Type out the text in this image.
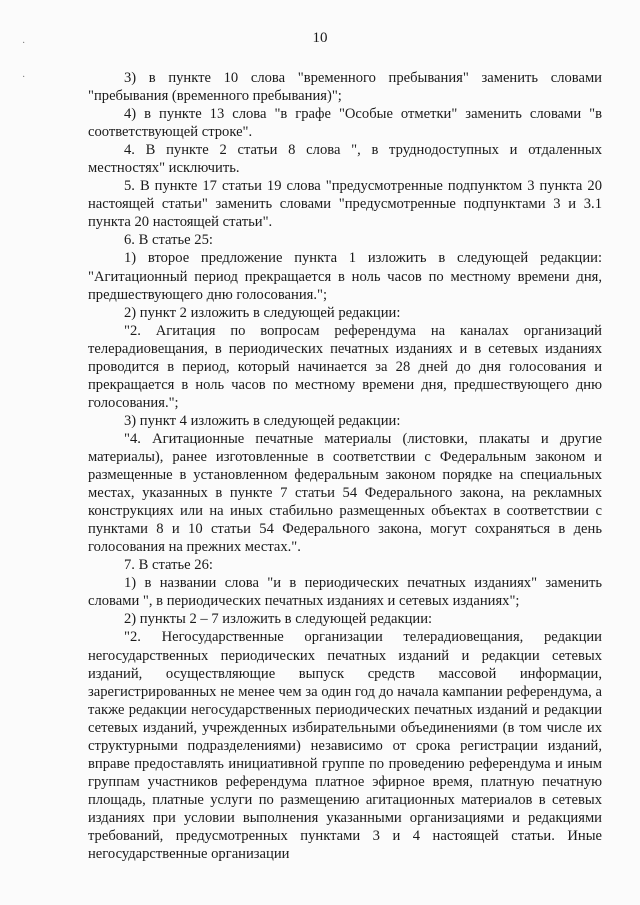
·
·
10

3) в пункте 10 слова "временного пребывания" заменить словами "пребывания (временного пребывания)";

4) в пункте 13 слова "в графе "Особые отметки" заменить словами "в соответствующей строке".

4. В пункте 2 статьи 8 слова ", в труднодоступных и отдаленных местностях" исключить.

5. В пункте 17 статьи 19 слова "предусмотренные подпунктом 3 пункта 20 настоящей статьи" заменить словами "предусмотренные подпунктами 3 и 3.1 пункта 20 настоящей статьи".

6. В статье 25:

1) второе предложение пункта 1 изложить в следующей редакции: "Агитационный период прекращается в ноль часов по местному времени дня, предшествующего дню голосования.";

2) пункт 2 изложить в следующей редакции:

"2. Агитация по вопросам референдума на каналах организаций телерадиовещания, в периодических печатных изданиях и в сетевых изданиях проводится в период, который начинается за 28 дней до дня голосования и прекращается в ноль часов по местному времени дня, предшествующего дню голосования.";

3) пункт 4 изложить в следующей редакции:

"4. Агитационные печатные материалы (листовки, плакаты и другие материалы), ранее изготовленные в соответствии с Федеральным законом и размещенные в установленном федеральным законом порядке на специальных местах, указанных в пункте 7 статьи 54 Федерального закона, на рекламных конструкциях или на иных стабильно размещенных объектах в соответствии с пунктами 8 и 10 статьи 54 Федерального закона, могут сохраняться в день голосования на прежних местах.".

7. В статье 26:

1) в названии слова "и в периодических печатных изданиях" заменить словами ", в периодических печатных изданиях и сетевых изданиях";

2) пункты 2 – 7 изложить в следующей редакции:

"2. Негосударственные организации телерадиовещания, редакции негосударственных периодических печатных изданий и редакции сетевых изданий, осуществляющие выпуск средств массовой информации, зарегистрированных не менее чем за один год до начала кампании референдума, а также редакции негосударственных периодических печатных изданий и редакции сетевых изданий, учрежденных избирательными объединениями (в том числе их структурными подразделениями) независимо от срока регистрации изданий, вправе предоставлять инициативной группе по проведению референдума и иным группам участников референдума платное эфирное время, платную печатную площадь, платные услуги по размещению агитационных материалов в сетевых изданиях при условии выполнения указанными организациями и редакциями требований, предусмотренных пунктами 3 и 4 настоящей статьи. Иные негосударственные организации
